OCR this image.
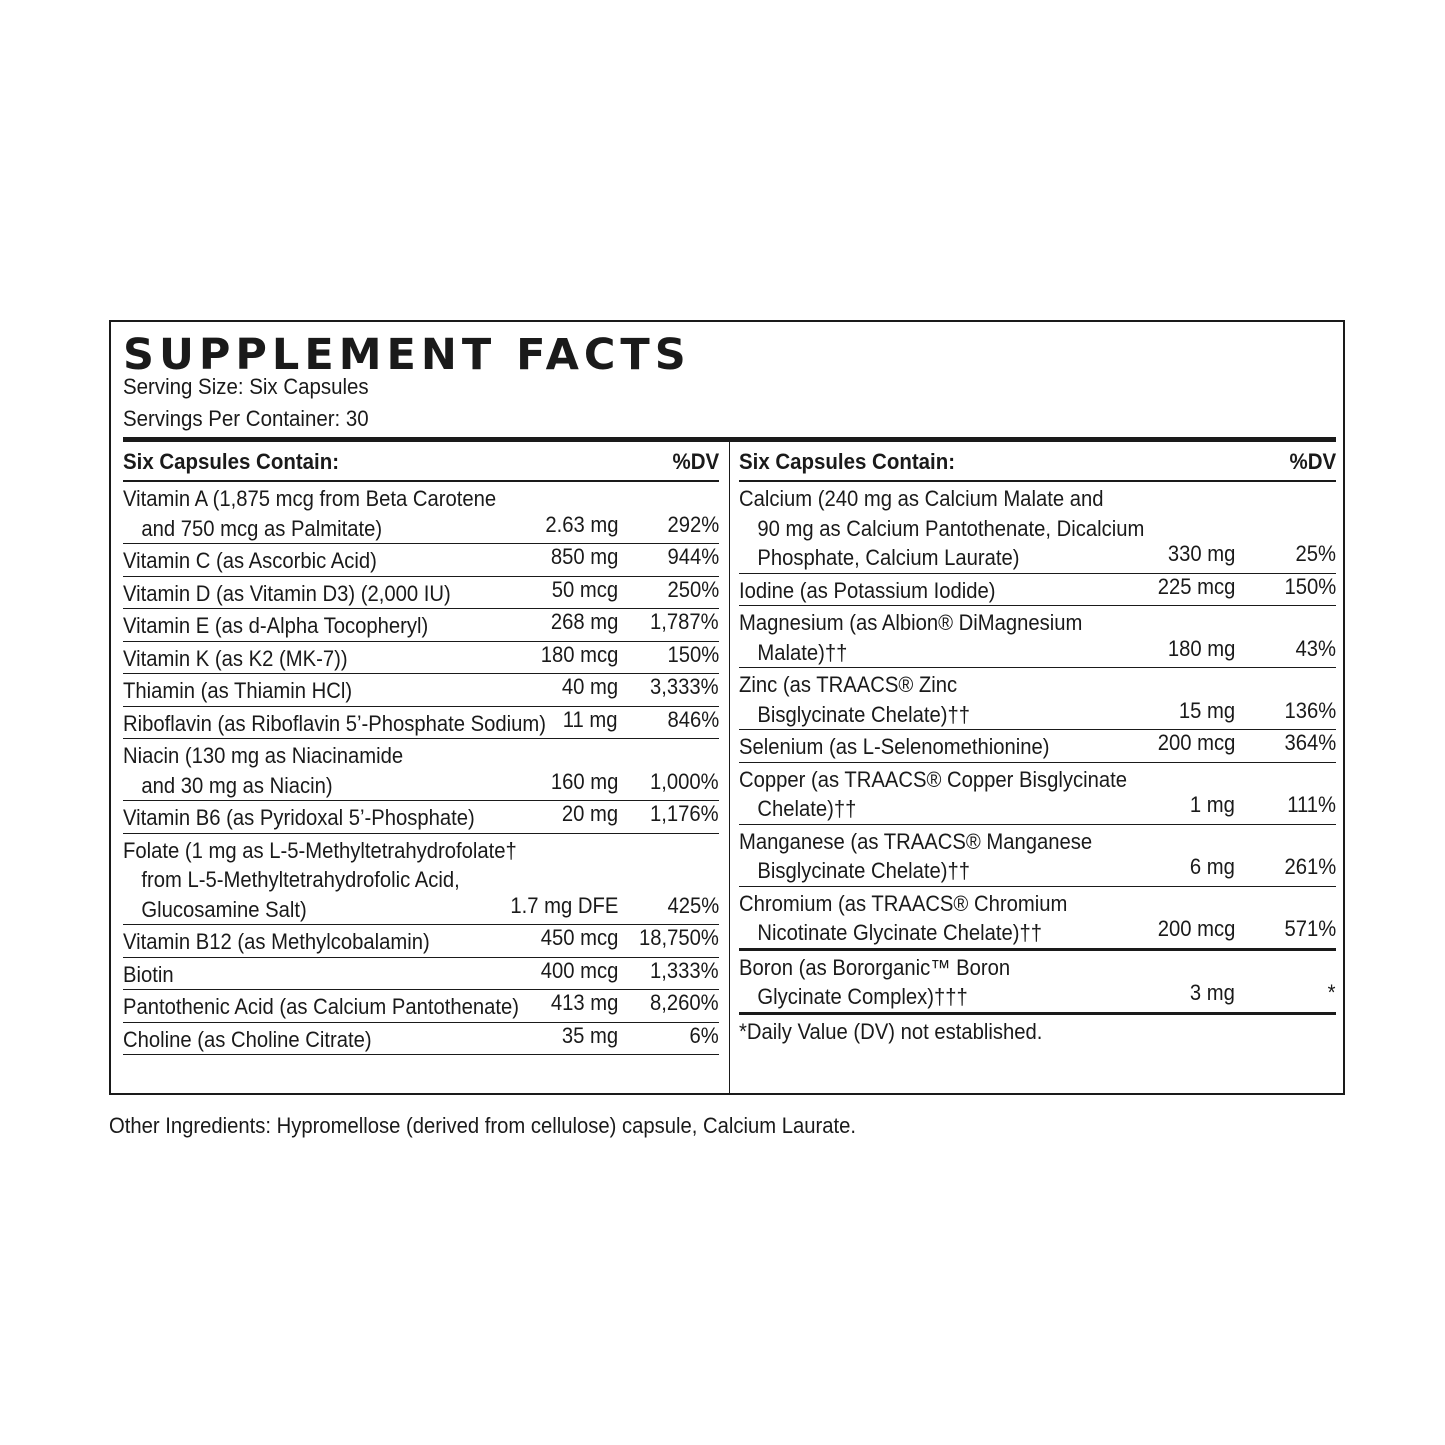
SUPPLEMENT FACTS
Serving Size: Six Capsules
Servings Per Container: 30
Six Capsules Contain:	%DV
Vitamin A (1,875 mcg from Beta Carotene
and 750 mcg as Palmitate)	2.63 mg 292%
Vitamin C (as Ascorbic Acid)	850 mg 944%
Vitamin D (as Vitamin D3) (2,000 IU)	50 mcg 250%
Vitamin E (as d-Alpha Tocopheryl)	268 mg 1,787%
Vitamin K (as K2 (MK-7))	180 mcg 150%
Thiamin (as Thiamin HCl)	40 mg 3,333%
Riboflavin (as Riboflavin 5’-Phosphate Sodium) 11 mg 846%
Niacin (130 mg as Niacinamide
and 30 mg as Niacin)	160 mg 1,000%
Vitamin B6 (as Pyridoxal 5’-Phosphate)	20 mg 1,176%
Folate (1 mg as L-5-Methyltetrahydrofolate†
from L-5-Methyltetrahydrofolic Acid,
Glucosamine Salt)	1.7 mg DFE 425%
Vitamin B12 (as Methylcobalamin)	450 mcg 18,750%
Biotin	400 mcg 1,333%
Pantothenic Acid (as Calcium Pantothenate)	413 mg 8,260%
Choline (as Choline Citrate)	35 mg	6%
Six Capsules Contain:	%DV
Calcium (240 mg as Calcium Malate and
90 mg as Calcium Pantothenate, Dicalcium
Phosphate, Calcium Laurate)	330 mg	25%
Iodine (as Potassium Iodide)	225 mcg 150%
Magnesium (as Albion® DiMagnesium
Malate)††	180 mg	43%
Zinc (as TRAACS® Zinc
Bisglycinate Chelate)††	15 mg 136%
Selenium (as L-Selenomethionine)	200 mcg 364%
Copper (as TRAACS® Copper Bisglycinate
Chelate)††	1 mg 111%
Manganese (as TRAACS® Manganese
Bisglycinate Chelate)††	6 mg 261%
Chromium (as TRAACS® Chromium
Nicotinate Glycinate Chelate)††	200 mcg 571%
Boron (as Bororganic™ Boron
Glycinate Complex)†††	3 mg	*
*Daily Value (DV) not established.
Other Ingredients: Hypromellose (derived from cellulose) capsule, Calcium Laurate.
